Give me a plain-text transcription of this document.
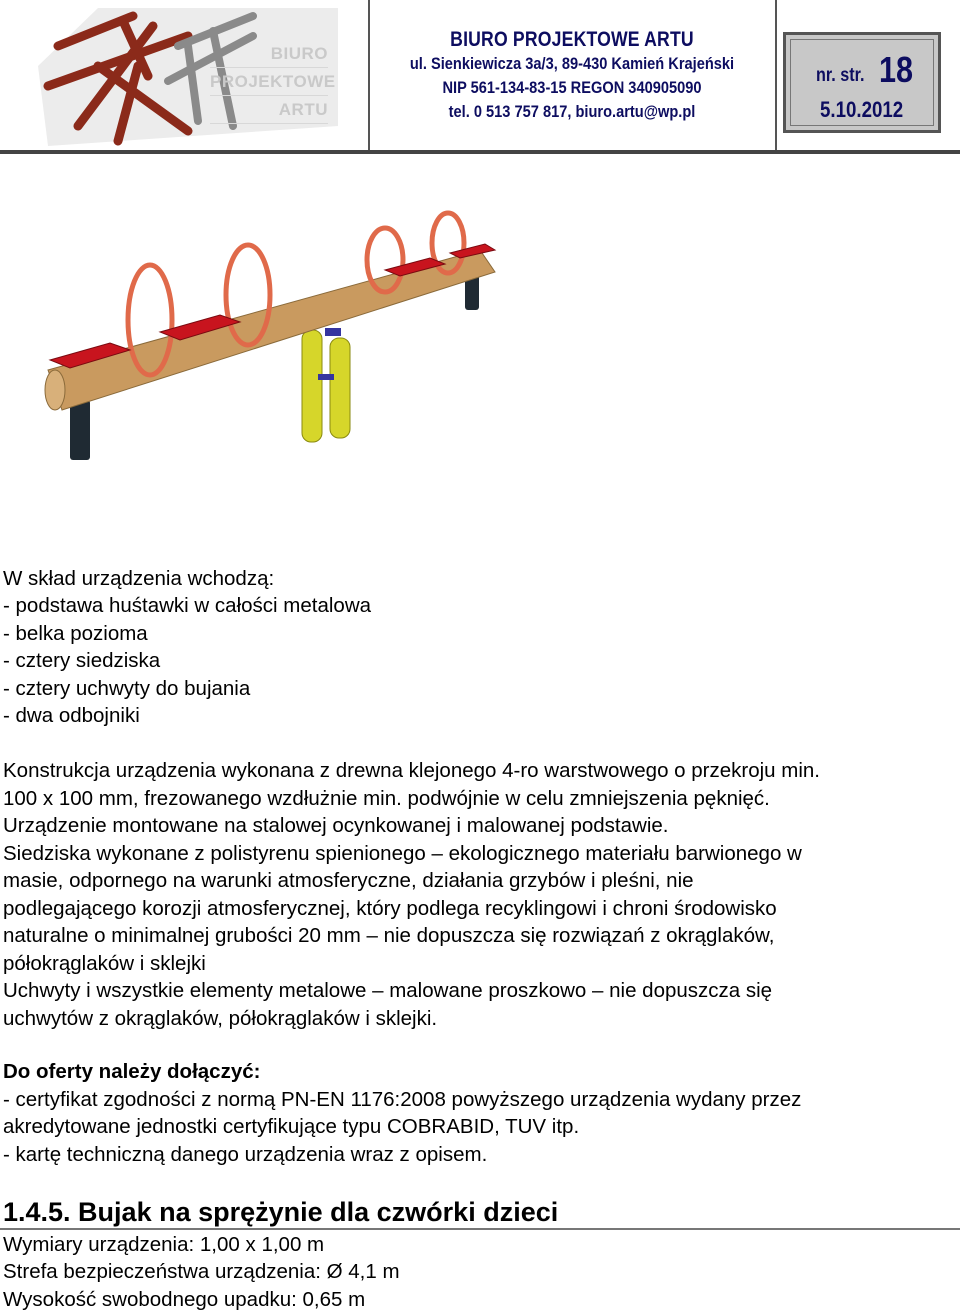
BIURO
PROJEKTOWE
ARTU
BIURO PROJEKTOWE ARTU
ul. Sienkiewicza 3a/3, 89-430 Kamień Krajeński
NIP 561-134-83-15 REGON 340905090
tel. 0 513 757 817, biuro.artu@wp.pl
nr. str. 18
5.10.2012
W skład urządzenia wchodzą:
- podstawa huśtawki w całości metalowa
- belka pozioma
- cztery siedziska
- cztery uchwyty do bujania
- dwa odbojniki
Konstrukcja urządzenia wykonana z drewna klejonego 4-ro warstwowego o przekroju min.
100 x 100 mm, frezowanego wzdłużnie min. podwójnie w celu zmniejszenia pęknięć.
Urządzenie montowane na stalowej ocynkowanej i malowanej podstawie.
Siedziska wykonane z polistyrenu spienionego – ekologicznego materiału barwionego w
masie, odpornego na warunki atmosferyczne, działania grzybów i pleśni, nie
podlegającego korozji atmosferycznej, który podlega recyklingowi i chroni środowisko
naturalne o minimalnej grubości 20 mm – nie dopuszcza się rozwiązań z okrąglaków,
półokrąglaków i sklejki
Uchwyty i wszystkie elementy metalowe – malowane proszkowo – nie dopuszcza się
uchwytów z okrąglaków, półokrąglaków i sklejki.
Do oferty należy dołączyć:
- certyfikat zgodności z normą PN-EN 1176:2008 powyższego urządzenia wydany przez
akredytowane jednostki certyfikujące typu COBRABID, TUV itp.
- kartę techniczną danego urządzenia wraz z opisem.
1.4.5. Bujak na sprężynie dla czwórki dzieci
Wymiary urządzenia: 1,00 x 1,00 m
Strefa bezpieczeństwa urządzenia: Ø 4,1 m
Wysokość swobodnego upadku: 0,65 m
